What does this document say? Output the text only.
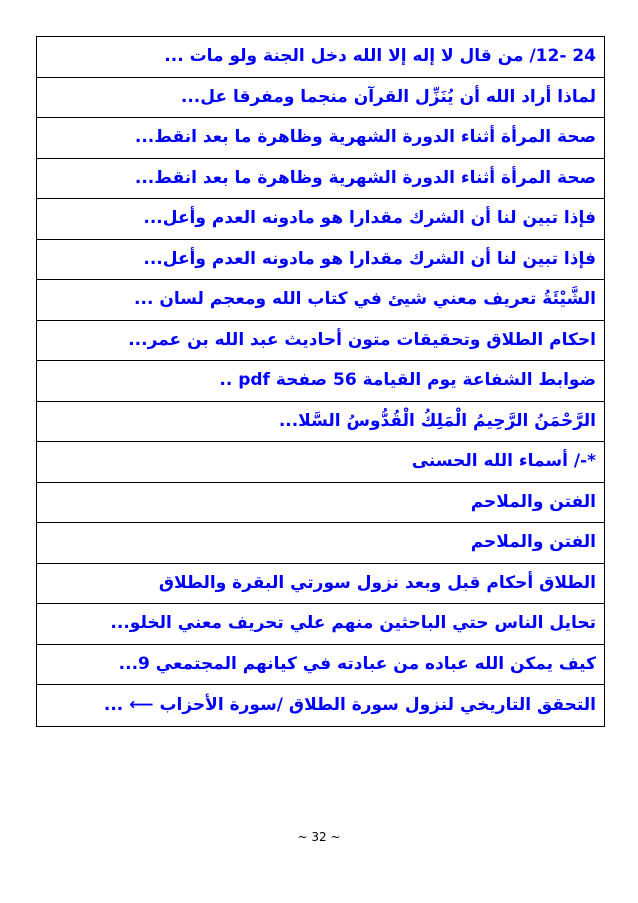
24 -12/ من قال لا إله إلا الله دخل الجنة ولو مات ...
لماذا أراد الله أن يُنَزِّل القرآن منجما ومفرقا عل...
صحة المرأة أثناء الدورة الشهرية وظاهرة ما بعد انقط...
صحة المرأة أثناء الدورة الشهرية وظاهرة ما بعد انقط...
فإذا تبين لنا أن الشرك مقدارا هو مادونه العدم وأعل...
فإذا تبين لنا أن الشرك مقدارا هو مادونه العدم وأعل...
الشَّيْئَةُ تعريف معني شيئ في كتاب الله ومعجم لسان ...
احكام الطلاق وتحقيقات متون أحاديث عبد الله بن عمر...
ضوابط الشفاعة يوم القيامة 56 صفحة pdf ..
الرَّحْمَنُ الرَّحِيمُ الْمَلِكُ الْقُدُّوسُ السَّلا...
*-/ أسماء الله الحسنى
الفتن والملاحم
الفتن والملاحم
الطلاق أحكام قبل وبعد نزول سورتي البقرة والطلاق
تحايل الناس حتي الباحثين منهم علي تحريف معني الخلو...
كيف يمكن الله عباده من عبادته في كيانهم المجتمعي 9...
التحقق التاريخي لنزول سورة الطلاق /سورة الأحزاب ⟵ ...
~ 32 ~
